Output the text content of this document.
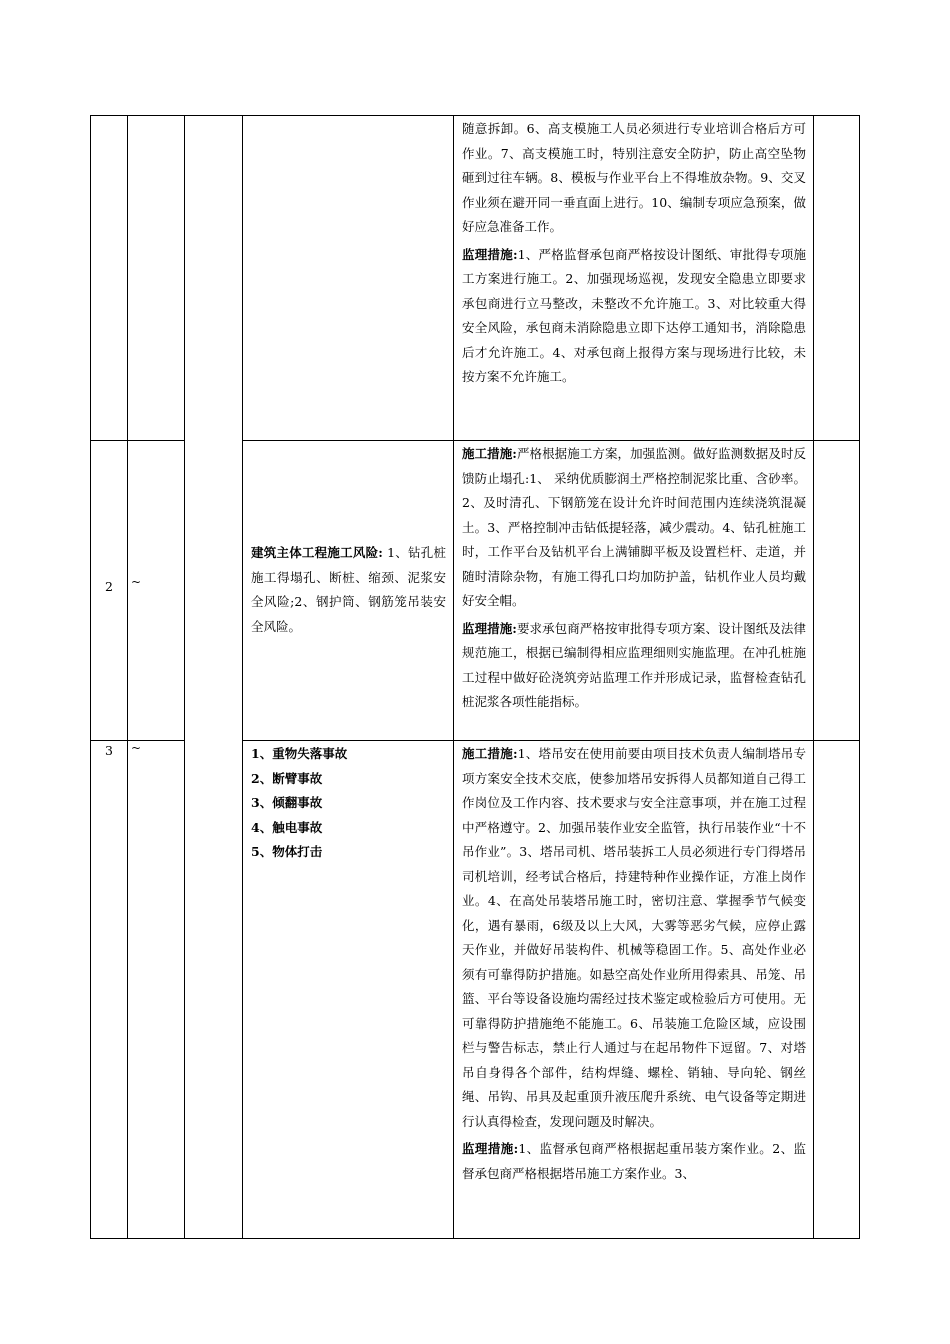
2
3
~
~
建筑主体工程施工风险: 1、钻孔桩施工得塌孔、断桩、缩颈、泥浆安全风险;2、钢护筒、钢筋笼吊装安全风险。

1、重物失落事故

2、断臂事故

3、倾翻事故

4、触电事故

5、物体打击

随意拆卸。6、高支模施工人员必须进行专业培训合格后方可作业。7、高支模施工时，特别注意安全防护，防止高空坠物砸到过往车辆。8、模板与作业平台上不得堆放杂物。9、交叉作业须在避开同一垂直面上进行。10、编制专项应急预案，做好应急准备工作。

监理措施:1、严格监督承包商严格按设计图纸、审批得专项施工方案进行施工。2、加强现场巡视，发现安全隐患立即要求承包商进行立马整改，未整改不允许施工。3、对比较重大得安全风险，承包商未消除隐患立即下达停工通知书，消除隐患后才允许施工。4、对承包商上报得方案与现场进行比较，未按方案不允许施工。

施工措施:严格根据施工方案，加强监测。做好监测数据及时反馈防止塌孔:1、 采纳优质膨润土严格控制泥浆比重、含砂率。2、及时清孔、下钢筋笼在设计允许时间范围内连续浇筑混凝土。3、严格控制冲击钻低提轻落，减少震动。4、钻孔桩施工时，工作平台及钻机平台上满铺脚平板及设置栏杆、走道，并随时清除杂物，有施工得孔口均加防护盖，钻机作业人员均戴好安全帽。

监理措施:要求承包商严格按审批得专项方案、设计图纸及法律规范施工，根据已编制得相应监理细则实施监理。在冲孔桩施工过程中做好砼浇筑旁站监理工作并形成记录，监督检查钻孔桩泥浆各项性能指标。

施工措施:1、塔吊安在使用前要由项目技术负责人编制塔吊专项方案安全技术交底，使参加塔吊安拆得人员都知道自己得工作岗位及工作内容、技术要求与安全注意事项，并在施工过程中严格遵守。2、加强吊装作业安全监管，执行吊装作业“十不吊作业”。3、塔吊司机、塔吊装拆工人员必须进行专门得塔吊司机培训，经考试合格后，持建特种作业操作证，方准上岗作业。4、在高处吊装塔吊施工时，密切注意、掌握季节气候变化，遇有暴雨，6级及以上大风，大雾等恶劣气候，应停止露天作业，并做好吊装构件、机械等稳固工作。5、高处作业必须有可靠得防护措施。如悬空高处作业所用得索具、吊笼、吊篮、平台等设备设施均需经过技术鉴定或检验后方可使用。无可靠得防护措施绝不能施工。6、吊装施工危险区域，应设围栏与警告标志，禁止行人通过与在起吊物件下逗留。7、对塔吊自身得各个部件，结构焊缝、螺栓、销轴、导向轮、钢丝绳、吊钩、吊具及起重顶升液压爬升系统、电气设备等定期进行认真得检查，发现问题及时解决。

监理措施:1、监督承包商严格根据起重吊装方案作业。2、监督承包商严格根据塔吊施工方案作业。3、
